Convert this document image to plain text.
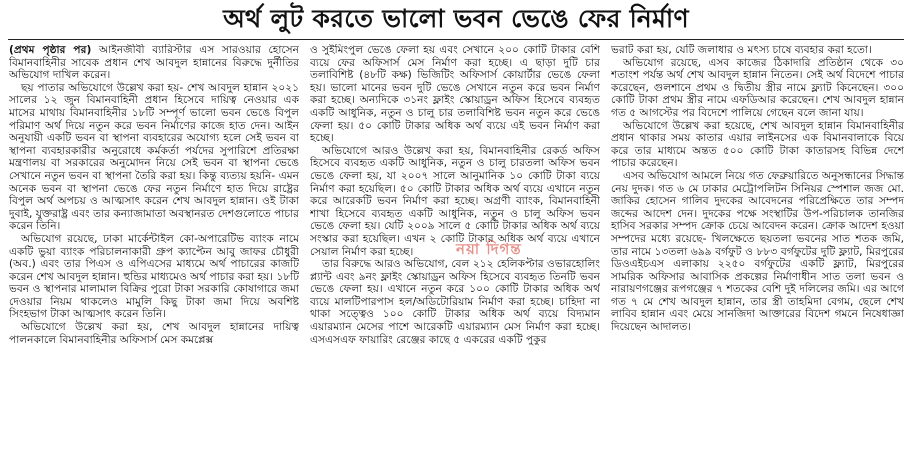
অর্থ লুট করতে ভালো ভবন ভেঙে ফের নির্মাণ

(প্রথম পৃষ্ঠার পর) আইনজীবী ব্যারিস্টার এস সারওয়ার হোসেন বিমানবাহিনীর সাবেক প্রধান শেখ আবদুল হান্নানের বিরুদ্ধে দুর্নীতির অভিযোগ দাখিল করেন।

ছয় পাতার অভিযোগে উল্লেখ করা হয়- শেখ আবদুল হান্নান ২০২১ সালের ১২ জুন বিমানবাহিনী প্রধান হিসেবে দায়িত্ব নেওয়ার এক মাসের মাথায় বিমানবাহিনীর ১৮টি সম্পূর্ণ ভালো ভবন ভেঙে বিপুল পরিমাণ অর্থ দিয়ে নতুন করে ভবন নির্মাণের কাজে হাত দেন। আইন অনুযায়ী একটি ভবন বা স্থাপনা ব্যবহারের অযোগ্য হলে সেই ভবন বা স্থাপনা ব্যবহারকারীর অনুরোধে কর্মকর্তা পর্যদের সুপারিশে প্রতিরক্ষা মন্ত্রণালয় বা সরকারের অনুমোদন নিয়ে সেই ভবন বা স্থাপনা ভেঙে সেখানে নতুন ভবন বা স্থাপনা তৈরি করা হয়। কিন্তু ব্যত্যয় হয়নি- এমন অনেক ভবন বা স্থাপনা ভেঙে ফের নতুন নির্মাণে হাত দিয়ে রাষ্ট্রের বিপুল অর্থ অপচয় ও আত্মসাৎ করেন শেখ আবদুল হান্নান। ওই টাকা দুবাই, যুক্তরাষ্ট্র এবং তার কন্যাজামাতা অবস্থানরত দেশগুলোতে পাচার করেন তিনি।

অভিযোগ রয়েছে, ঢাকা মার্কেন্টাইল কো-অপারেটিভ ব্যাংক নামে একটি ভুয়া ব্যাংক পরিচালনাকারী গ্রুপ ক্যাপ্টেন আবু জাফর চৌধুরী (অব.) এবং তার পিএস ও এপিএসের মাধ্যমে অর্থ পাচারের কাজটি করেন শেখ আবদুল হান্নান। হুন্ডির মাধ্যমেও অর্থ পাচার করা হয়। ১৮টি ভবন ও স্থাপনার মালামাল বিক্রির পুরো টাকা সরকারি কোষাগারে জমা দেওয়ার নিয়ম থাকলেও মামুলি কিছু টাকা জমা দিয়ে অবশিষ্ট সিংহভাগ টাকা আত্মসাৎ করেন তিনি।

অভিযোগে উল্লেখ করা হয়, শেখ আবদুল হান্নানের দায়িত্ব পালনকালে বিমানবাহিনীর অফিসার্স মেস কমপ্লেক্স

ও সুইমিংপুল ভেঙে ফেলা হয় এবং সেখানে ২০০ কোটি টাকার বেশি ব্যয়ে ফের অফিসার্স মেস নির্মাণ করা হচ্ছে। এ ছাড়া দুটি চার তলাবিশিষ্ট (৪৮টি কক্ষ) ভিজিটিং অফিসার্স কোয়ার্টার ভেঙে ফেলা হয়। ভালো মানের ভবন দুটি ভেঙে সেখানে নতুন করে ভবন নির্মাণ করা হচ্ছে। অন্যদিকে ৩১নং ফ্লাইং স্কোয়াড্রন অফিস হিসেবে ব্যবহৃত একটি আধুনিক, নতুন ও চালু চার তলাবিশিষ্ট ভবন নতুন করে ভেঙে ফেলা হয়। ৫০ কোটি টাকার অধিক অর্থ ব্যয়ে এই ভবন নির্মাণ করা হচ্ছে।

অভিযোগে আরও উল্লেখ করা হয়, বিমানবাহিনীর রেকর্ড অফিস হিসেবে ব্যবহৃত একটি আধুনিক, নতুন ও চালু চারতলা অফিস ভবন ভেঙে ফেলা হয়, যা ২০০৭ সালে আনুমানিক ১০ কোটি টাকা ব্যয়ে নির্মাণ করা হয়েছিল। ৫০ কোটি টাকার অধিক অর্থ ব্যয়ে এখানে নতুন করে আরেকটি ভবন নির্মাণ করা হচ্ছে। অগ্রণী ব্যাংক, বিমানবাহিনী শাখা হিসেবে ব্যবহৃত একটি আধুনিক, নতুন ও চালু অফিস ভবন ভেঙে ফেলা হয়। যেটি ২০০৯ সালে ৫ কোটি টাকার অধিক অর্থ ব্যয়ে সংস্কার করা হয়েছিল। এখন ২ কোটি টাকার অধিক অর্থ ব্যয়ে এখানে সেয়াল নির্মাণ করা হচ্ছে।

তার বিরুদ্ধে আরও অভিযোগ, বেল ২১২ হেলিকপ্টার ওভারহোলিং প্ল্যান্ট এবং ৯নং ফ্লাইং স্কোয়াড্রন অফিস হিসেবে ব্যবহৃত তিনটি ভবন ভেঙে ফেলা হয়। এখানে নতুন করে ১০০ কোটি টাকার অধিক অর্থ ব্যয়ে মালটিপারপাস হল/অডিটোরিয়াম নির্মাণ করা হচ্ছে। চাহিদা না থাকা সত্ত্বেও ১০০ কোটি টাকার অধিক অর্থ ব্যয়ে বিদ্যমান এয়ারম্যান মেসের পাশে আরেকটি এয়ারম্যান মেস নির্মাণ করা হচ্ছে। এসএসএফ ফায়ারিং রেঞ্জের কাছে ৫ একরের একটি পুকুর

ভরাট করা হয়, যেটি জলাধার ও মৎস্য চাষে ব্যবহার করা হতো।

অভিযোগ রয়েছে, এসব কাজের ঠিকাদারি প্রতিষ্ঠান থেকে ৩০ শতাংশ পর্যন্ত অর্থ শেখ আবদুল হান্নান নিতেন। সেই অর্থ বিদেশে পাচার করেছেন, গুলশানে প্রথম ও দ্বিতীয় স্ত্রীর নামে ফ্ল্যাট কিনেছেন। ৩০০ কোটি টাকা প্রথম স্ত্রীর নামে এফডিআর করেছেন। শেখ আবদুল হান্নান গত ৫ আগস্টের পর বিদেশে পালিয়ে গেছেন বলে জানা যায়।

অভিযোগে উল্লেখ করা হয়েছে, শেখ আবদুল হান্নান বিমানবাহিনীর প্রধান থাকার সময় কাতার এয়ার লাইনসের এক বিমানবালাকে বিয়ে করে তার মাধ্যমে অন্তত ৫০০ কোটি টাকা কাতারসহ বিভিন্ন দেশে পাচার করেছেন।

এসব অভিযোগ আমলে নিয়ে গত ফেব্রুয়ারিতে অনুসন্ধানের সিদ্ধান্ত নেয় দুদক। গত ৬ মে ঢাকার মেট্রোপলিটন সিনিয়র স্পেশাল জজ মো. জাকির হোসেন গালিব দুদকের আবেদনের পরিপ্রেক্ষিতে তার সম্পদ জব্দের আদেশ দেন। দুদকের পক্ষে সংস্থাটির উপ-পরিচালক তানজির হাসিব সরকার সম্পদ ক্রোক চেয়ে আবেদন করেন। ক্রোক আদেশ হওয়া সম্পদের মধ্যে রয়েছে- খিলক্ষেতে ছয়তলা ভবনের সাত শতক জমি, তার নামে ১৩তলা ৬৯৯ বর্গফুট ও ৮৮৩ বর্গফুটের দুটি ফ্ল্যাট, মিরপুরের ডিওএইচএস এলাকায় ২২৫০ বর্গফুটের একটি ফ্ল্যাট, মিরপুরের সামরিক অফিসার আবাসিক প্রকল্পের নির্মাণাধীন সাত তলা ভবন ও নারায়ণগঞ্জের রূপগঞ্জের ৭ শতকের বেশি দুই দলিলের জমি। এর আগে গত ৭ মে শেখ আবদুল হান্নান, তার স্ত্রী তাহমিদা বেগম, ছেলে শেখ লাবিব হান্নান এবং মেয়ে সানজিদা আক্তারের বিদেশ গমনে নিষেধাজ্ঞা দিয়েছেন আদালত।

নয়া দিগন্ত
